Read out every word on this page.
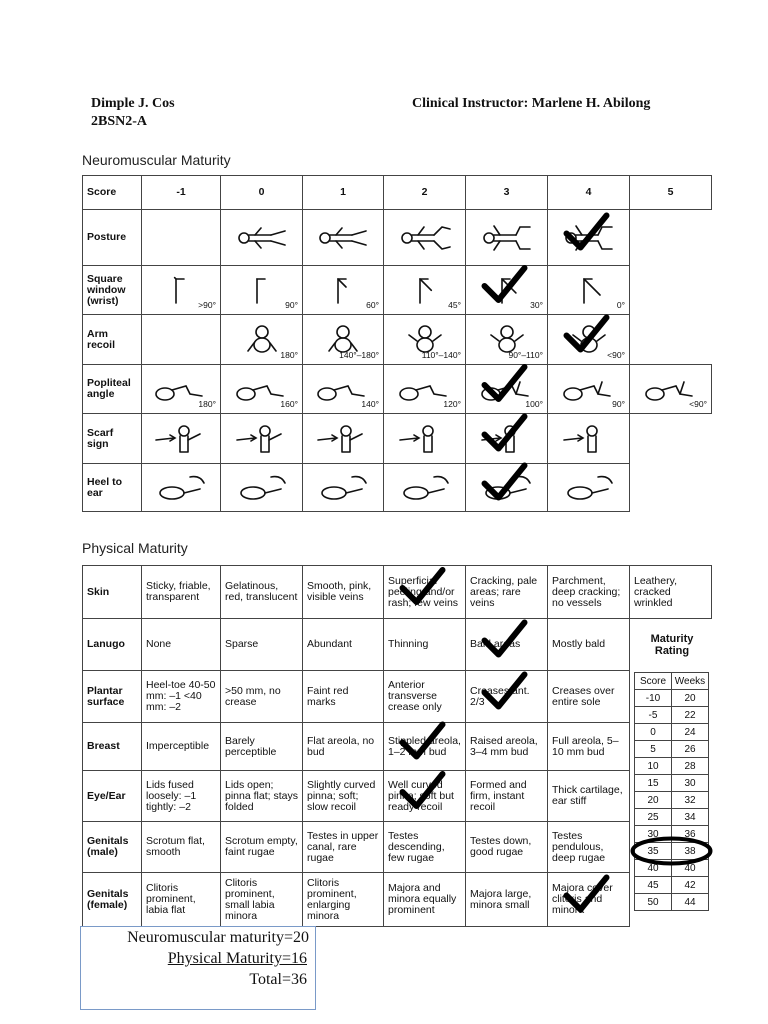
Dimple J. Cos
2BSN2-A
Clinical Instructor: Marlene H. Abilong
Neuromuscular Maturity
Score	-1	0	1	2	3	4	5
Posture		

Square window (wrist)	>90°	90°	60°	45°	30°	0°	

Arm recoil		180°	140°–180°	110°–140°	90°–110°	<90°	

Popliteal angle	180°	160°	140°	120°	100°	90°	<90°

Scarf sign	

Heel to ear	

Physical Maturity
Skin	Sticky, friable, transparent	Gelatinous, red, translucent	Smooth, pink, visible veins	Superficial peeling and/or rash; few veins	Cracking, pale areas; rare veins	Parchment, deep cracking; no vessels	Leathery, cracked wrinkled
Lanugo	None	Sparse	Abundant	Thinning	Bald areas	Mostly bald	
Plantar surface	Heel-toe 40-50 mm: –1 <40 mm: –2	>50 mm, no crease	Faint red marks	Anterior transverse crease only	Creases ant. 2/3	Creases over entire sole	
Breast	Imperceptible	Barely perceptible	Flat areola, no bud	Stippled areola, 1–2 mm bud	Raised areola, 3–4 mm bud	Full areola, 5–10 mm bud	
Eye/Ear	Lids fused loosely: –1 tightly: –2	Lids open; pinna flat; stays folded	Slightly curved pinna; soft; slow recoil	Well curved pinna; soft but ready recoil	Formed and firm, instant recoil	Thick cartilage, ear stiff	
Genitals (male)	Scrotum flat, smooth	Scrotum empty, faint rugae	Testes in upper canal, rare rugae	Testes descending, few rugae	Testes down, good rugae	Testes pendulous, deep rugae	
Genitals (female)	Clitoris prominent, labia flat	Clitoris prominent, small labia minora	Clitoris prominent, enlarging minora	Majora and minora equally prominent	Majora large, minora small	Majora cover clitoris and minora	
Maturity Rating
Score	Weeks
-10	20
-5	22
0	24
5	26
10	28
15	30
20	32
25	34
30	36
35	38
40	40
45	42
50	44
Neuromuscular maturity=20
Physical Maturity=16
Total=36
